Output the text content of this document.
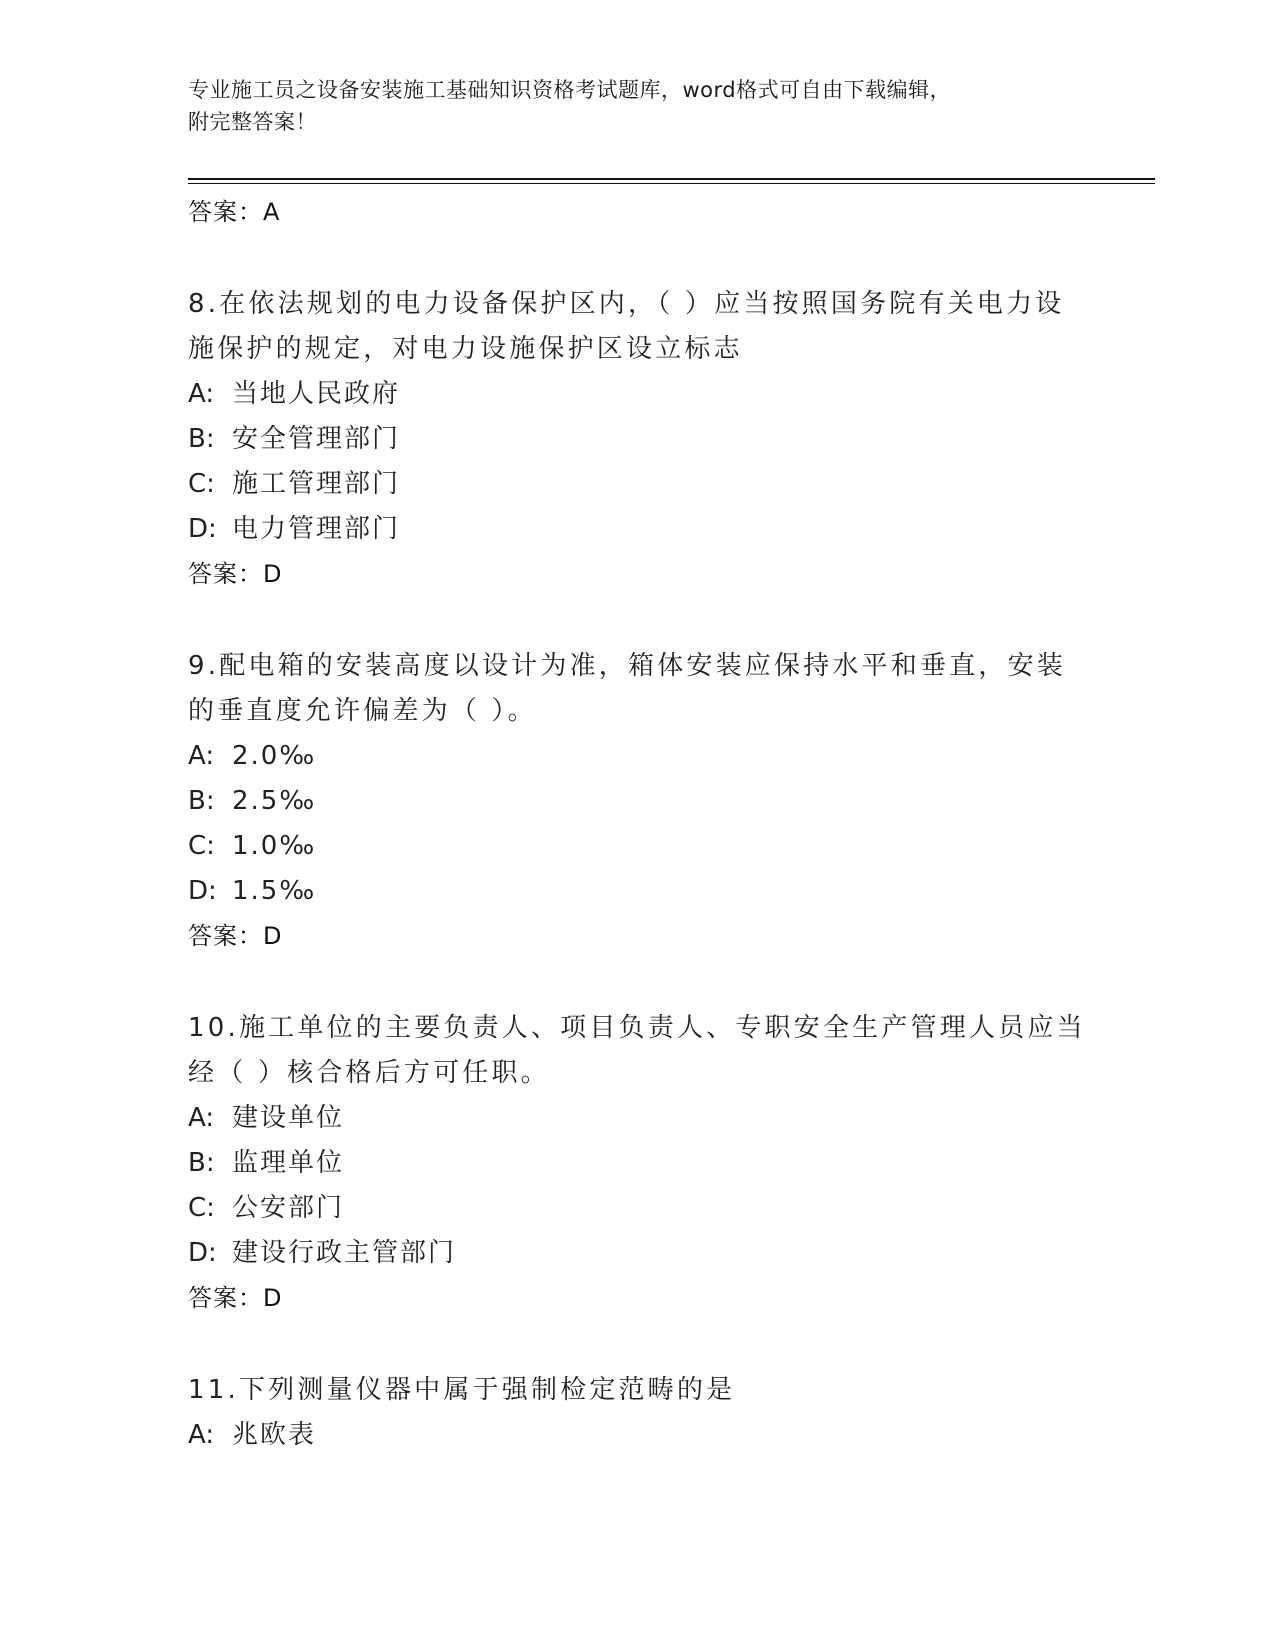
专业施工员之设备安装施工基础知识资格考试题库，word格式可自由下载编辑，
附完整答案！
答案：A
8.在依法规划的电力设备保护区内，（ ）应当按照国务院有关电力设
施保护的规定，对电力设施保护区设立标志
A: 当地人民政府
B: 安全管理部门
C: 施工管理部门
D: 电力管理部门
答案：D
9.配电箱的安装高度以设计为准，箱体安装应保持水平和垂直，安装
的垂直度允许偏差为（ ）。
A: 2.0‰
B: 2.5‰
C: 1.0‰
D: 1.5‰
答案：D
10.施工单位的主要负责人、项目负责人、专职安全生产管理人员应当
经（ ）核合格后方可任职。
A: 建设单位
B: 监理单位
C: 公安部门
D: 建设行政主管部门
答案：D
11.下列测量仪器中属于强制检定范畴的是
A: 兆欧表
